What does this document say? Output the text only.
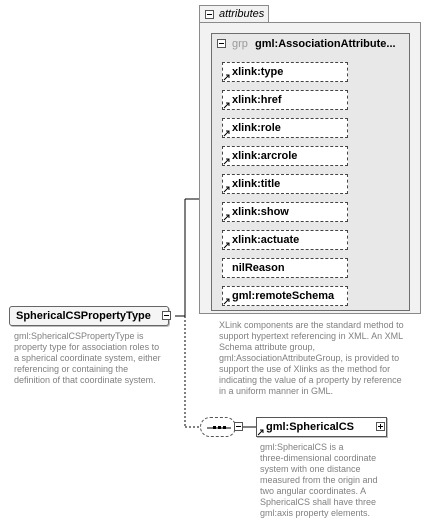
attributes
grp gml:AssociationAttribute...
xlink:type
xlink:href
xlink:role
xlink:arcrole
xlink:title
xlink:show
xlink:actuate
nilReason
gml:remoteSchema
XLink components are the standard method to
support hypertext referencing in XML. An XML
Schema attribute group,
gml:AssociationAttributeGroup, is provided to
support the use of Xlinks as the method for
indicating the value of a property by reference
in a uniform manner in GML.
SphericalCSPropertyType
gml:SphericalCSPropertyType is
property type for association roles to
a spherical coordinate system, either
referencing or containing the
definition of that coordinate system.
gml:SphericalCS
gml:SphericalCS is a
three-dimensional coordinate
system with one distance
measured from the origin and
two angular coordinates. A
SphericalCS shall have three
gml:axis property elements.
